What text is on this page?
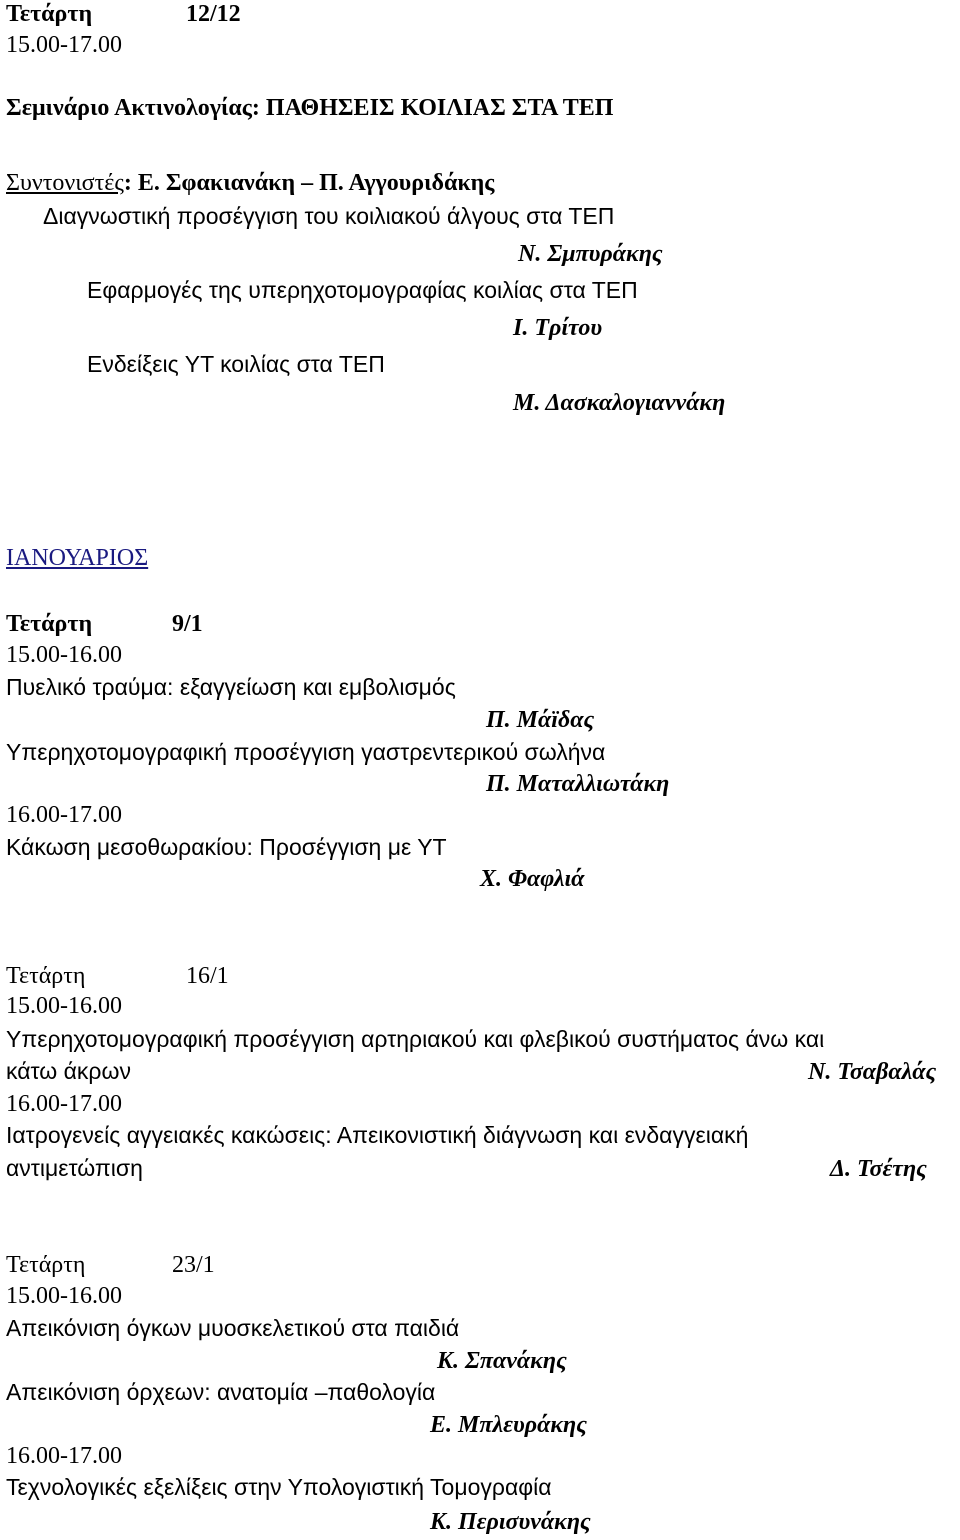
Τετάρτη	12/12
15.00-17.00
Σεμινάριο Ακτινολογίας: ΠΑΘΗΣΕΙΣ ΚΟΙΛΙΑΣ ΣΤΑ ΤΕΠ
Συντονιστές: Ε. Σφακιανάκη – Π. Αγγουριδάκης
Διαγνωστική προσέγγιση του κοιλιακού άλγους στα ΤΕΠ
Ν. Σμπυράκης
Εφαρμογές της υπερηχοτομογραφίας κοιλίας στα ΤΕΠ
Ι. Τρίτου
Ενδείξεις ΥΤ κοιλίας στα ΤΕΠ
Μ. Δασκαλογιαννάκη
ΙΑΝΟΥΑΡΙΟΣ
Τετάρτη	9/1
15.00-16.00
Πυελικό τραύμα: εξαγγείωση και εμβολισμός
Π. Μάϊδας
Υπερηχοτομογραφική προσέγγιση γαστρεντερικού σωλήνα
Π. Ματαλλιωτάκη
16.00-17.00
Κάκωση μεσοθωρακίου: Προσέγγιση με ΥΤ
Χ. Φαφλιά
Τετάρτη	16/1
15.00-16.00
Υπερηχοτομογραφική προσέγγιση αρτηριακού και φλεβικού συστήματος άνω και
κάτω άκρων	Ν. Τσαβαλάς
16.00-17.00
Ιατρογενείς αγγειακές κακώσεις: Απεικονιστική διάγνωση και ενδαγγειακή
αντιμετώπιση	Δ. Τσέτης
Τετάρτη	23/1
15.00-16.00
Απεικόνιση όγκων μυοσκελετικού στα παιδιά
Κ. Σπανάκης
Απεικόνιση όρχεων: ανατομία –παθολογία
Ε. Μπλευράκης
16.00-17.00
Τεχνολογικές εξελίξεις στην Υπολογιστική Τομογραφία
Κ. Περισυνάκης
